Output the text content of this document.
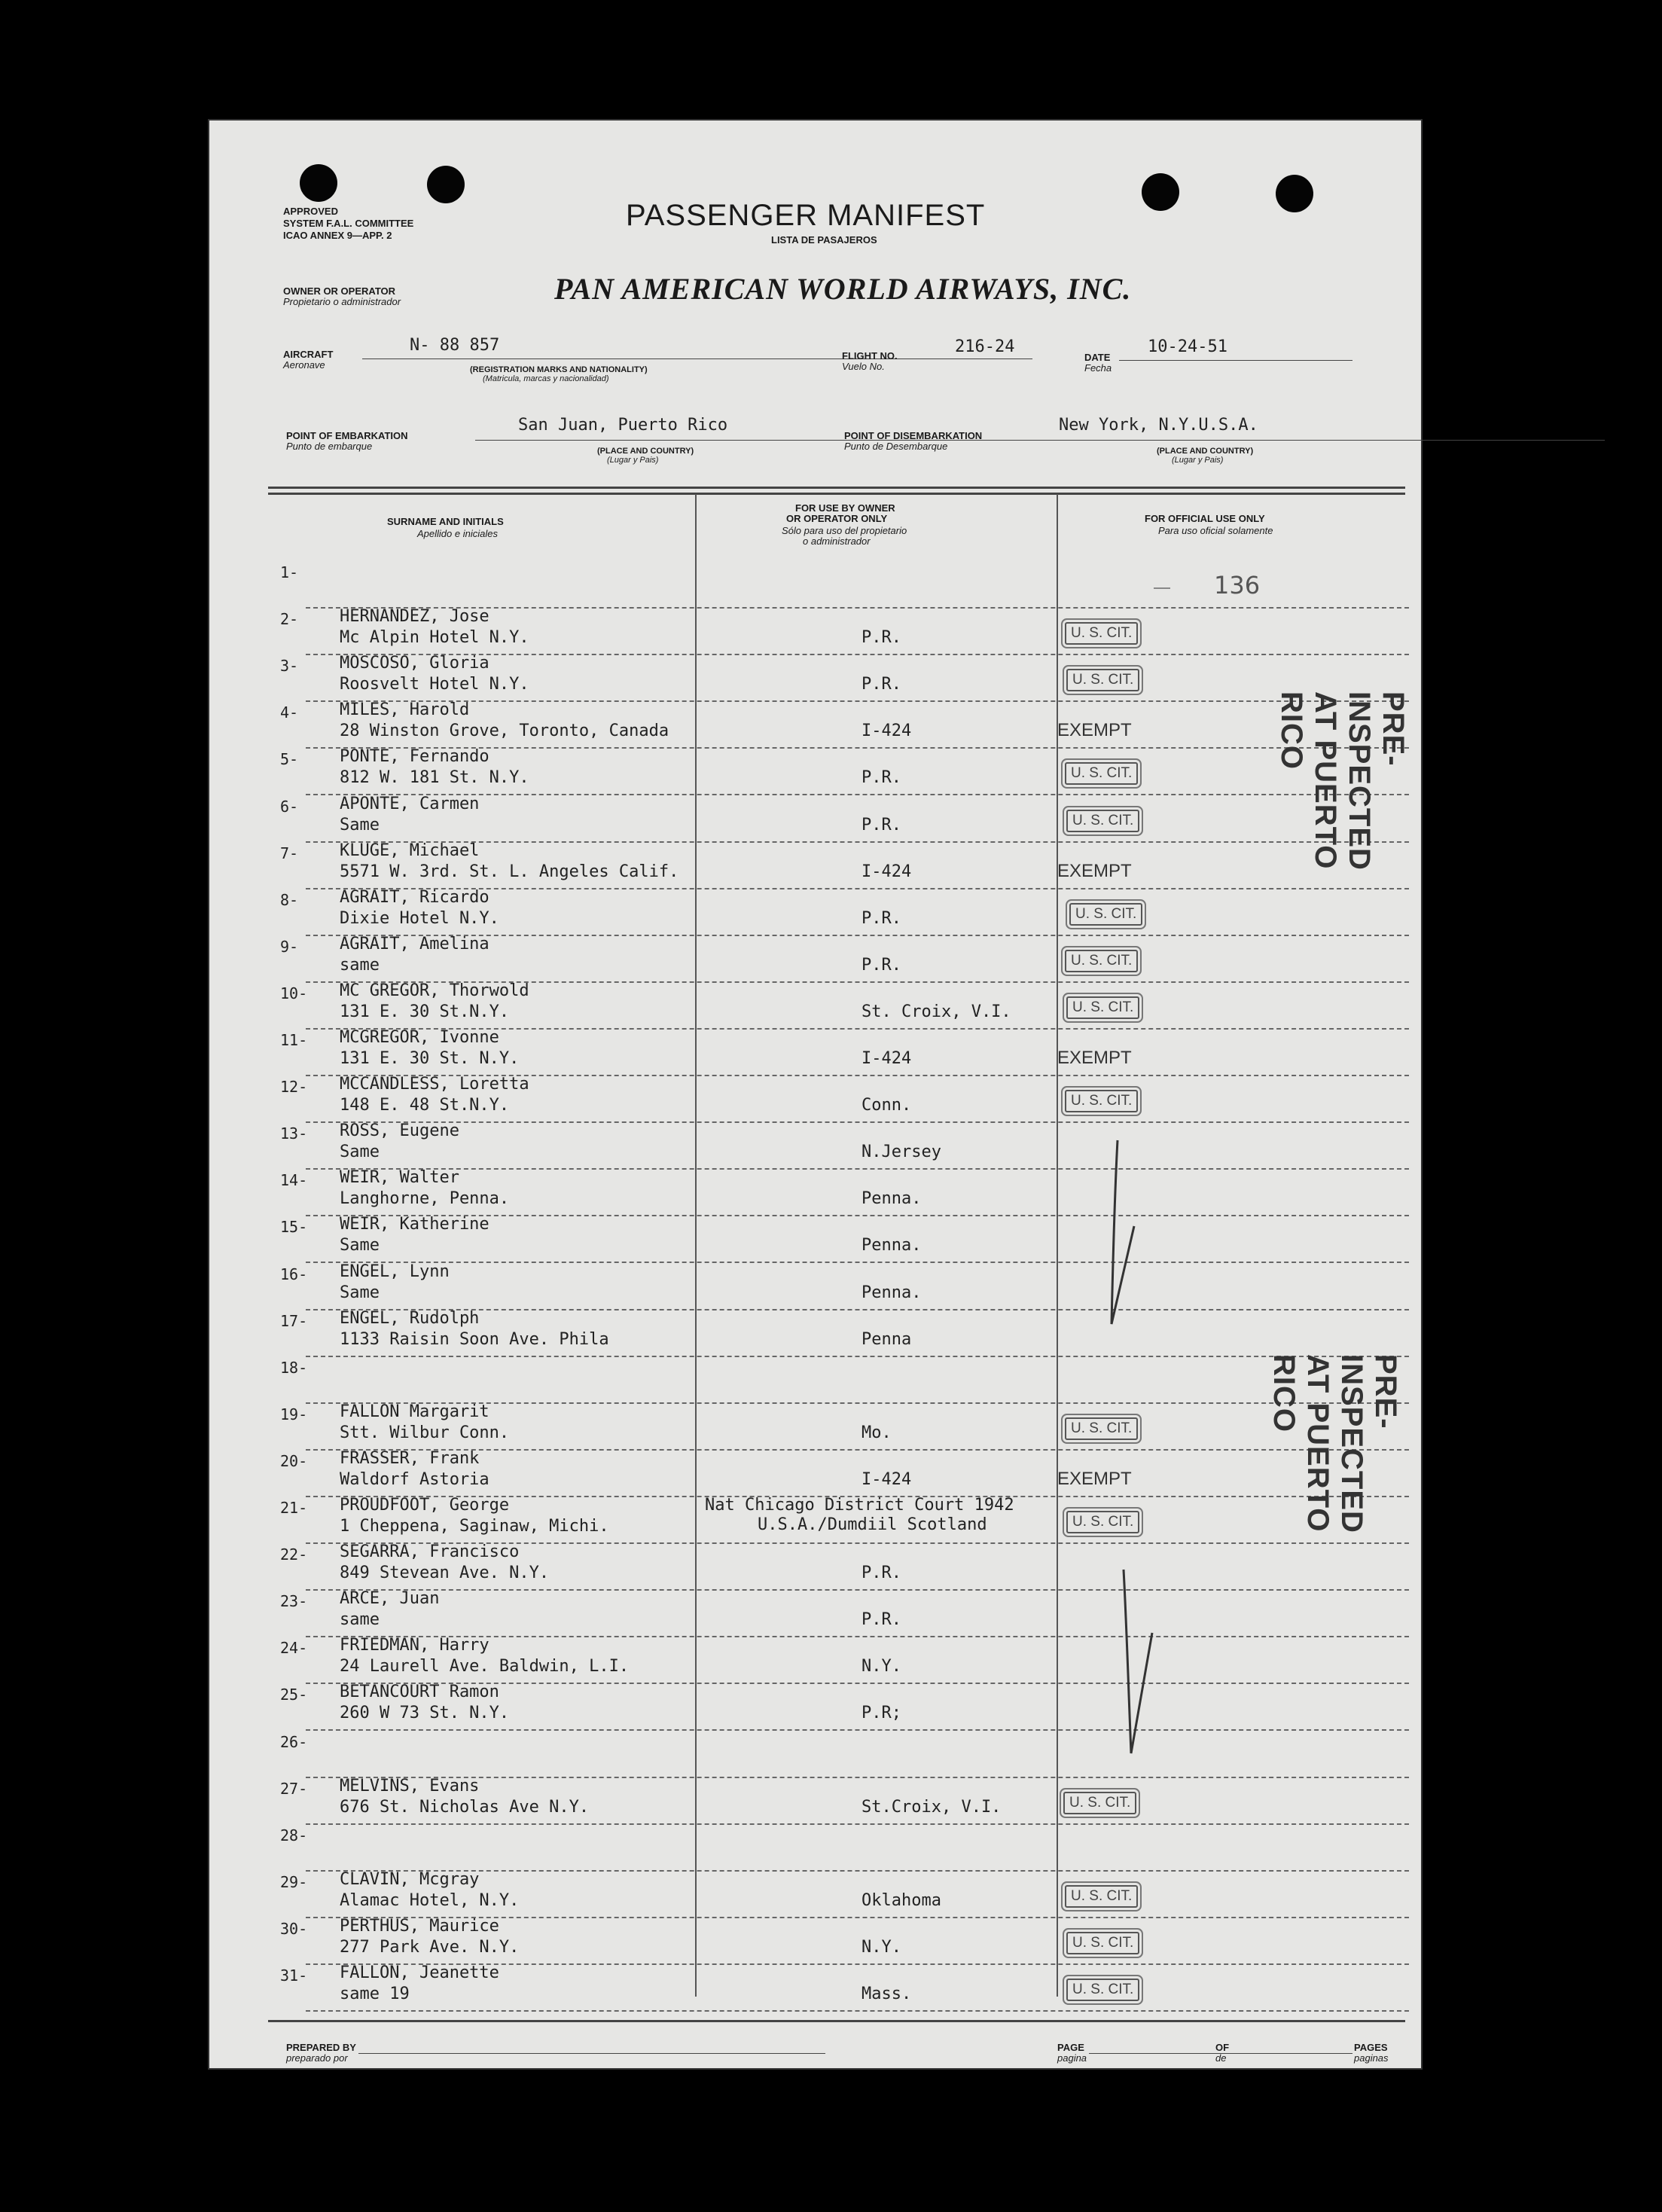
APPROVED
SYSTEM F.A.L. COMMITTEE
ICAO ANNEX 9—APP. 2
PASSENGER MANIFEST
LISTA DE PASAJEROS
OWNER OR OPERATOR
Propietario o administrador	PAN AMERICAN WORLD AIRWAYS, INC.
AIRCRAFT
Aeronave
N- 88 857
(REGISTRATION MARKS AND NATIONALITY)
(Matricula, marcas y nacionalidad)
FLIGHT NO.
Vuelo No.
216-24
DATE
Fecha
10-24-51
POINT OF EMBARKATION
Punto de embarque
San Juan, Puerto Rico
(PLACE AND COUNTRY)
(Lugar y Pais)
POINT OF DISEMBARKATION
Punto de Desembarque
New York, N.Y.U.S.A.
(PLACE AND COUNTRY)
(Lugar y Pais)
SURNAME AND INITIALS
Apellido e iniciales
FOR USE BY OWNER
OR OPERATOR ONLY
Sólo para uso del propietario
o administrador
FOR OFFICIAL USE ONLY
Para uso oficial solamente
136
1-
2- HERNANDEZ, Jose
Mc Alpin Hotel N.Y.	P.R.	U. S. CIT.
3- MOSCOSO, Gloria
Roosvelt Hotel N.Y.	P.R.	U. S. CIT.
4- MILES, Harold
28 Winston Grove, Toronto, Canada	I-424	EXEMPT
5- PONTE, Fernando
812 W. 181 St. N.Y.	P.R.	U. S. CIT.
6- APONTE, Carmen
Same	P.R.	U. S. CIT.
7- KLUGE, Michael
5571 W. 3rd. St. L. Angeles Calif.	I-424	EXEMPT
8- AGRAIT, Ricardo
Dixie Hotel N.Y.	P.R.	U. S. CIT.
9- AGRAIT, Amelina
same	P.R.	U. S. CIT.
10- MC GREGOR, Thorwold
131 E. 30 St.N.Y.	St. Croix, V.I.	U. S. CIT.
11- MCGREGOR, Ivonne
131 E. 30 St. N.Y.	I-424	EXEMPT
12- MCCANDLESS, Loretta
148 E. 48 St.N.Y.	Conn.	U. S. CIT.
13- ROSS, Eugene
Same	N.Jersey
14- WEIR, Walter
Langhorne, Penna.	Penna.
15- WEIR, Katherine
Same	Penna.
16- ENGEL, Lynn
Same	Penna.
17- ENGEL, Rudolph
1133 Raisin Soon Ave. Phila	Penna
18-
19- FALLON Margarit
Stt. Wilbur Conn.	Mo.	U. S. CIT.
20- FRASSER, Frank
Waldorf Astoria	I-424	EXEMPT
21- PROUDFOOT, George
1 Cheppena, Saginaw, Michi.
Nat Chicago District Court 1942
U.S.A./Dumdiil Scotland	U. S. CIT.
22- SEGARRA, Francisco
849 Stevean Ave. N.Y.	P.R.
23- ARCE, Juan
same	P.R.
24- FRIEDMAN, Harry
24 Laurell Ave. Baldwin, L.I.	N.Y.
25- BETANCOURT Ramon
260 W 73 St. N.Y.	P.R;
26-
27- MELVINS, Evans
676 St. Nicholas Ave N.Y.	St.Croix, V.I.	U. S. CIT.
28-
29- CLAVIN, Mcgray
Alamac Hotel, N.Y.	Oklahoma	U. S. CIT.
30- PERTHUS, Maurice
277 Park Ave. N.Y.	N.Y.	U. S. CIT.
31- FALLON, Jeanette
same 19	Mass.	U. S. CIT.
PRE-INSPECTED AT PUERTO RICO
PRE-INSPECTED AT PUERTO RICO
PREPARED BY
preparado por
PAGE
pagina
OF
de
PAGES
paginas
